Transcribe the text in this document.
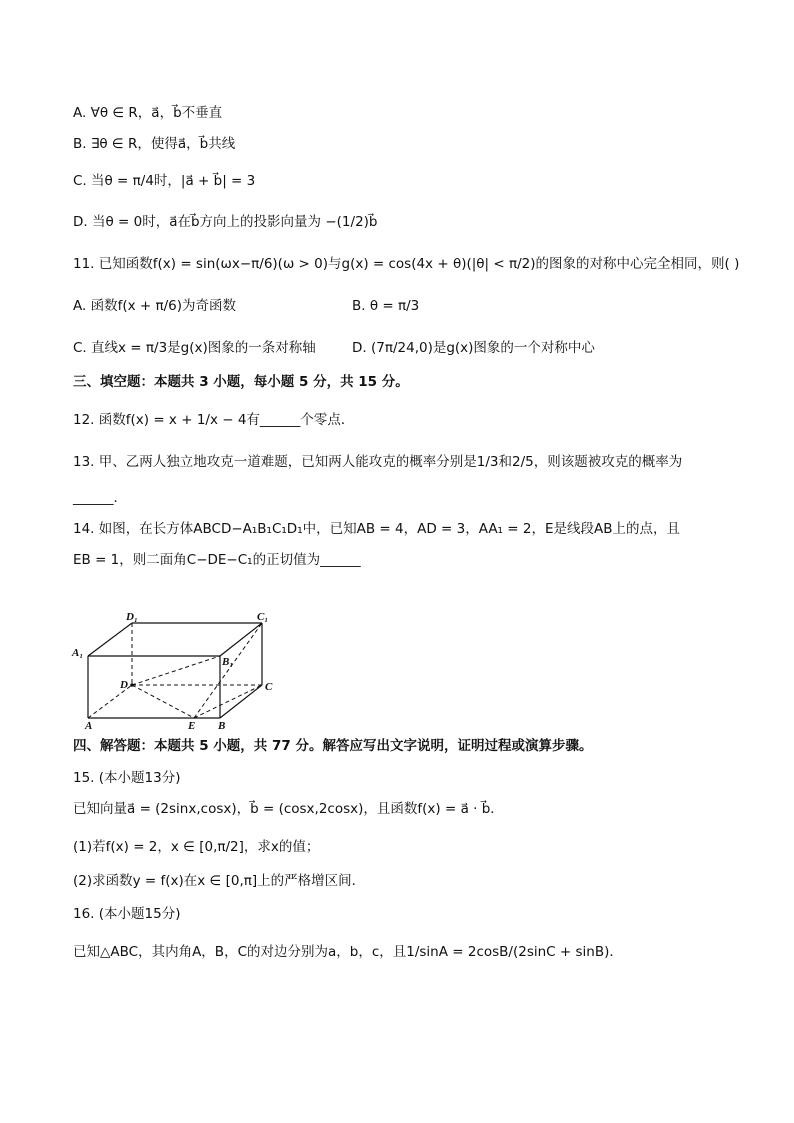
A. ∀θ ∈ R，a⃗，b⃗不垂直
B. ∃θ ∈ R，使得a⃗，b⃗共线
C. 当θ = π/4时，|a⃗ + b⃗| = 3
D. 当θ = 0时，a⃗在b⃗方向上的投影向量为 −(1/2)b⃗
11. 已知函数f(x) = sin(ωx−π/6)(ω > 0)与g(x) = cos(4x + θ)(|θ| < π/2)的图象的对称中心完全相同，则( )
A. 函数f(x + π/6)为奇函数	B. θ = π/3
C. 直线x = π/3是g(x)图象的一条对称轴	D. (7π/24,0)是g(x)图象的一个对称中心
三、填空题：本题共 3 小题，每小题 5 分，共 15 分。
12. 函数f(x) = x + 1/x − 4有______个零点．
13. 甲、乙两人独立地攻克一道难题，已知两人能攻克的概率分别是1/3和2/5，则该题被攻克的概率为
______．
14. 如图，在长方体ABCD−A₁B₁C₁D₁中，已知AB = 4，AD = 3，AA₁ = 2，E是线段AB上的点，且
EB = 1，则二面角C−DE−C₁的正切值为______
四、解答题：本题共 5 小题，共 77 分。解答应写出文字说明，证明过程或演算步骤。
15. (本小题13分)
已知向量a⃗ = (2sinx,cosx)，b⃗ = (cosx,2cosx)，且函数f(x) = a⃗ · b⃗．
(1)若f(x) = 2，x ∈ [0,π/2]，求x的值；
(2)求函数y = f(x)在x ∈ [0,π]上的严格增区间．
16. (本小题15分)
已知△ABC，其内角A，B，C的对边分别为a，b，c，且1/sinA = 2cosB/(2sinC + sinB)．
D₁	C₁
A₁
B₁
D	C
A	E B
